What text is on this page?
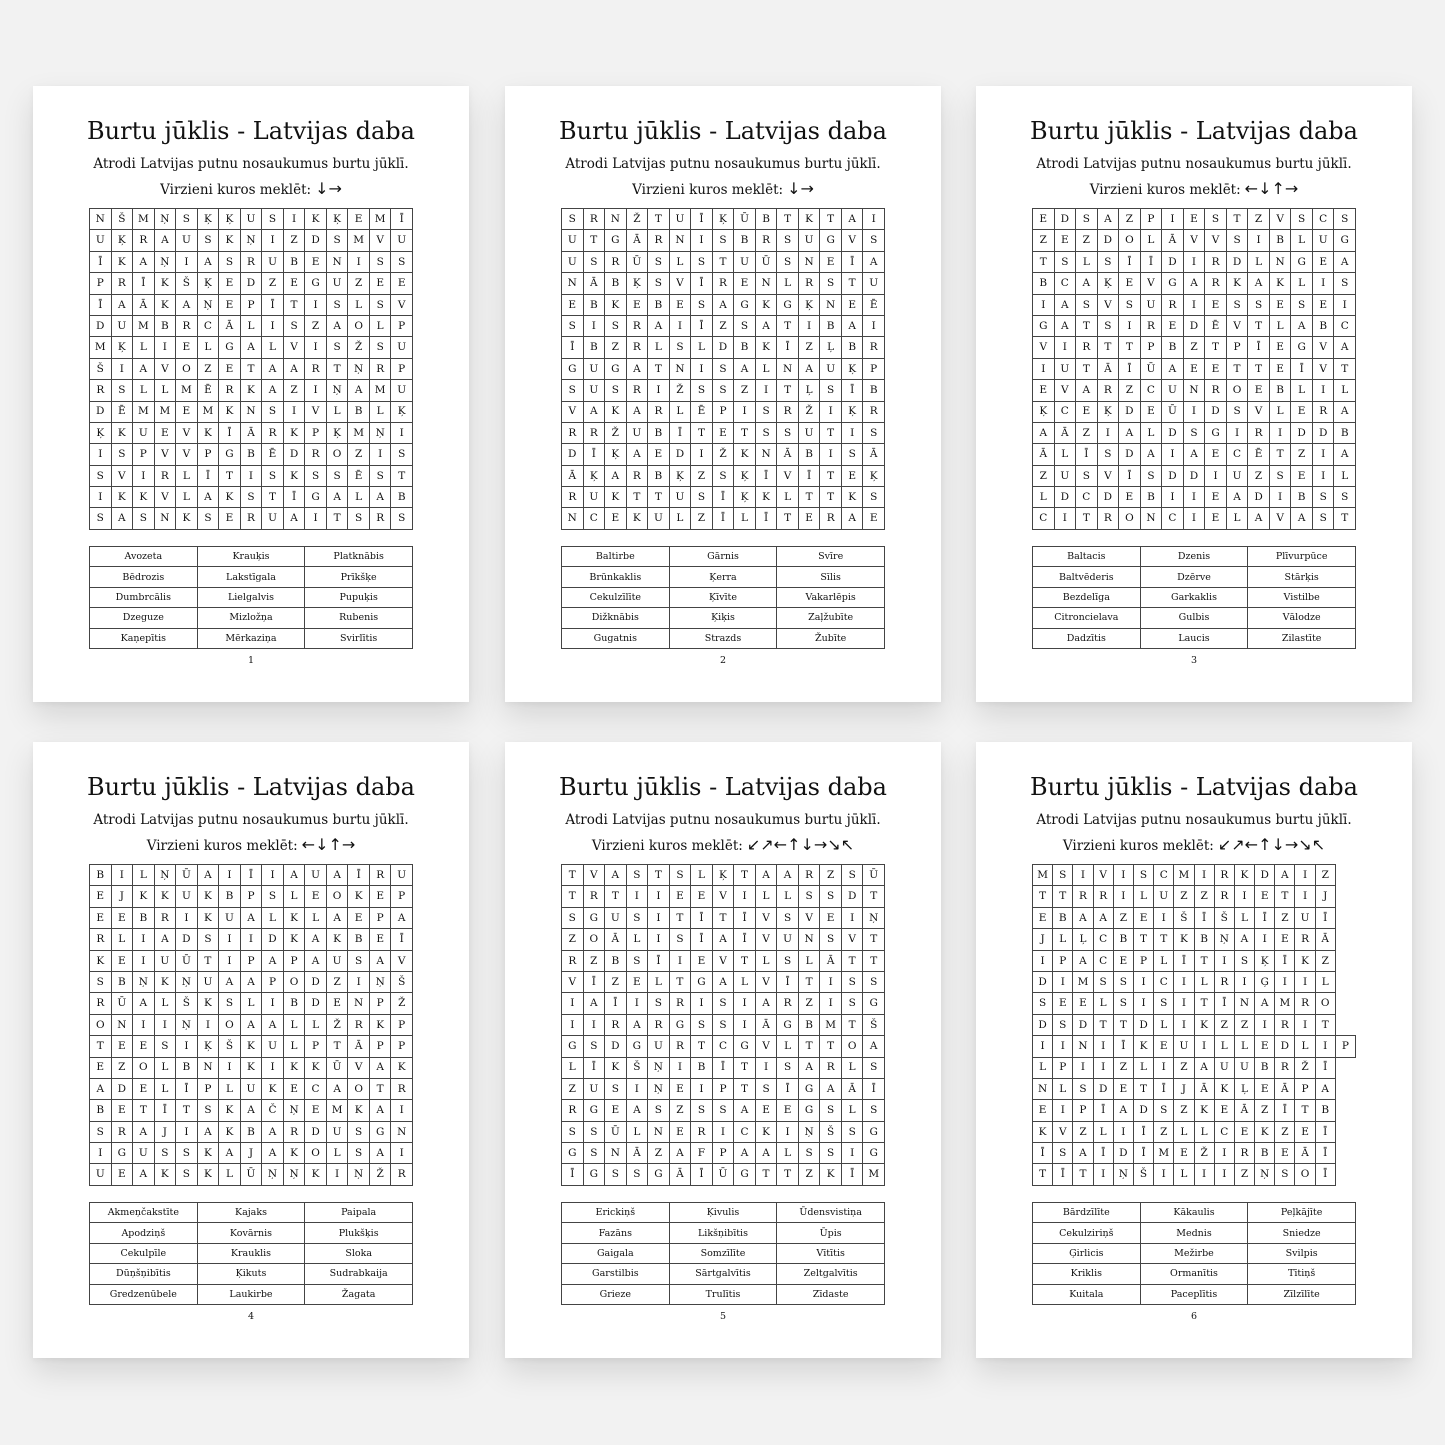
Burtu jūklis - Latvijas daba
Atrodi Latvijas putnu nosaukumus burtu jūklī.
Virzieni kuros meklēt: ↓→
N	Š	M	Ņ	S	Ķ	Ķ	U	S	I	K	Ķ	E	M	Ī
U	Ķ	R	A	U	S	K	Ņ	I	Z	D	S	M	V	U
Ī	K	A	Ņ	I	A	S	R	U	B	E	N	I	S	S
P	R	Ī	K	Š	Ķ	E	D	Z	E	G	U	Z	E	E
Ī	A	Ā	K	A	Ņ	E	P	Ī	T	I	S	L	S	V
D	U	M	B	R	C	Ā	L	I	S	Z	A	O	L	P
M	Ķ	L	I	E	L	G	A	L	V	I	S	Ž	S	U
Š	I	A	V	O	Z	E	T	A	A	R	T	Ņ	R	P
R	S	L	L	M	Ē	R	K	A	Z	I	Ņ	A	M	U
D	Ē	M	M	E	M	K	N	S	I	V	L	B	L	Ķ
Ķ	K	U	E	V	K	Ī	Ā	R	K	P	Ķ	M	Ņ	I
I	S	P	V	V	P	G	B	Ē	D	R	O	Z	I	S
S	V	I	R	L	Ī	T	I	S	K	S	S	Ē	S	T
I	K	K	V	L	A	K	S	T	Ī	G	A	L	A	B
S	A	S	N	K	S	E	R	U	A	I	T	S	R	S
Avozeta	Krauķis	Platknābis
Bēdrozis	Lakstīgala	Prīkšķe
Dumbrcālis	Lielgalvis	Pupuķis
Dzeguze	Mizložņa	Rubenis
Kaņepītis	Mērkaziņa	Svirlītis
1
Burtu jūklis - Latvijas daba
Atrodi Latvijas putnu nosaukumus burtu jūklī.
Virzieni kuros meklēt: ↓→
S	R	N	Ž	T	U	Ī	Ķ	Ū	B	T	K	T	A	I
U	T	G	Ā	R	N	I	S	B	R	S	U	G	V	S
U	S	R	Ū	S	L	S	T	U	Ū	S	N	E	Ī	A
N	Ā	B	Ķ	S	V	Ī	R	E	N	L	R	S	T	U
E	B	K	E	B	E	S	A	G	K	G	Ķ	N	E	Ē
S	I	S	R	A	I	Ī	Z	S	A	T	I	B	A	I
Ī	B	Z	R	L	S	L	D	B	K	Ī	Z	Ļ	B	R
G	U	G	A	T	N	I	S	A	L	N	A	U	Ķ	P
S	U	S	R	I	Ž	S	S	Z	I	T	Ļ	S	Ī	B
V	A	K	A	R	L	Ē	P	I	S	R	Ž	I	Ķ	R
R	R	Ž	U	B	Ī	T	E	T	S	S	U	T	I	S
D	Ī	Ķ	A	E	D	I	Ž	K	N	Ā	B	I	S	Ā
Ā	Ķ	A	R	B	Ķ	Z	S	Ķ	Ī	V	Ī	T	E	Ķ
R	U	K	T	T	U	S	Ī	Ķ	K	L	T	T	K	S
N	C	E	K	U	L	Z	Ī	L	Ī	T	E	R	A	E
Baltirbe	Gārnis	Svīre
Brūnkaklis	Ķerra	Sīlis
Cekulzīlīte	Ķīvīte	Vakarlēpis
Dižknābis	Ķiķis	Zaļžubīte
Gugatnis	Strazds	Žubīte
2
Burtu jūklis - Latvijas daba
Atrodi Latvijas putnu nosaukumus burtu jūklī.
Virzieni kuros meklēt: ←↓↑→
E	D	S	A	Z	P	I	E	S	T	Z	V	S	C	S
Z	E	Z	D	O	L	Ā	V	V	S	I	B	L	U	G
T	S	L	S	Ī	Ī	D	I	R	D	L	N	G	E	A
B	C	A	Ķ	E	V	G	A	R	K	A	K	L	I	S
I	A	S	V	S	U	R	I	E	S	S	E	S	E	I
G	A	T	S	I	R	E	D	Ē	V	T	L	A	B	C
V	I	R	T	T	P	B	Z	T	P	Ī	E	G	V	A
I	U	T	Ā	Ī	Ū	A	E	E	T	T	E	Ī	V	T
E	V	A	R	Z	C	U	N	R	O	E	B	L	I	L
Ķ	C	E	Ķ	D	E	Ū	I	D	S	V	L	E	R	A
A	Ā	Z	I	A	L	D	S	G	I	R	I	D	D	B
Ā	L	Ī	S	D	A	I	A	E	C	Ē	T	Z	I	A
Z	U	S	V	Ī	S	D	D	I	U	Z	S	E	I	L
L	D	C	D	E	B	I	I	E	A	D	I	B	S	S
C	I	T	R	O	N	C	I	E	L	A	V	A	S	T
Baltacis	Dzenis	Plīvurpūce
Baltvēderis	Dzērve	Stārķis
Bezdelīga	Garkaklis	Vistilbe
Citroncielava	Gulbis	Vālodze
Dadzītis	Laucis	Zilastīte
3
Burtu jūklis - Latvijas daba
Atrodi Latvijas putnu nosaukumus burtu jūklī.
Virzieni kuros meklēt: ←↓↑→
B	I	L	Ņ	Ū	A	I	Ī	I	A	U	A	Ī	R	U
E	J	K	K	U	K	B	P	S	L	E	O	K	E	P
E	E	B	R	I	K	U	A	L	K	L	A	E	P	A
R	L	I	A	D	S	I	I	D	K	A	K	B	E	Ī
K	E	I	U	Ū	T	I	P	A	P	A	U	S	A	V
S	B	Ņ	K	Ņ	U	A	A	P	O	D	Z	I	Ņ	Š
R	Ū	A	L	Š	K	S	L	I	B	D	E	N	P	Ž
O	N	I	I	Ņ	I	O	A	A	L	L	Ž	R	K	P
T	E	E	S	I	Ķ	Š	K	U	L	P	T	Ā	P	P
E	Z	O	L	B	N	I	K	I	K	K	Ū	V	A	K
A	D	E	L	Ī	P	L	U	K	E	C	A	O	T	R
B	E	T	Ī	T	S	K	A	Č	Ņ	E	M	K	A	I
S	R	A	J	I	A	K	B	A	R	D	U	S	G	N
I	G	U	S	S	K	A	J	A	K	O	L	S	A	I
U	E	A	K	S	K	L	Ū	Ņ	Ņ	K	I	Ņ	Ž	R
Akmeņčakstīte	Kajaks	Paipala
Apodziņš	Kovārnis	Plukšķis
Cekulpīle	Krauklis	Sloka
Dūņšņibītis	Ķikuts	Sudrabkaija
Gredzenūbele	Laukirbe	Žagata
4
Burtu jūklis - Latvijas daba
Atrodi Latvijas putnu nosaukumus burtu jūklī.
Virzieni kuros meklēt: ↙↗←↑↓→↘↖
T	V	A	S	T	S	L	Ķ	T	A	A	R	Z	S	Ū
T	R	T	I	I	E	E	V	I	L	L	S	S	D	T
S	G	U	S	I	T	Ī	T	Ī	V	S	V	E	I	Ņ
Z	O	Ā	L	I	S	Ī	A	Ī	V	U	N	S	V	T
R	Z	B	S	Ī	I	E	V	T	L	S	L	Ā	T	T
V	Ī	Z	E	L	T	G	A	L	V	Ī	T	I	S	S
I	A	Ī	I	S	R	I	S	I	A	R	Z	I	S	G
I	I	R	A	R	G	S	S	I	Ā	G	B	M	T	Š
G	S	D	G	U	R	T	C	G	V	L	T	T	O	A
L	Ī	K	Š	Ņ	I	B	Ī	T	I	S	A	R	L	S
Z	U	S	I	Ņ	E	I	P	T	S	Ī	G	A	Ā	Ī
R	G	E	A	S	Z	S	S	A	E	E	G	S	L	S
S	S	Ū	L	N	E	R	I	C	K	I	Ņ	Š	S	G
G	S	N	Ā	Z	A	F	P	A	A	L	S	S	I	G
Ī	G	S	S	G	Ā	Ī	Ū	G	T	T	Z	K	Ī	M
Erickiņš	Ķivulis	Ūdensvistiņa
Fazāns	Likšņibītis	Ūpis
Gaigala	Somzīlīte	Vītītis
Garstilbis	Sārtgalvītis	Zeltgalvītis
Grieze	Trulītis	Zīdaste
5
Burtu jūklis - Latvijas daba
Atrodi Latvijas putnu nosaukumus burtu jūklī.
Virzieni kuros meklēt: ↙↗←↑↓→↘↖
M	S	I	V	I	S	C	M	I	R	K	D	A	I	Z	
T	T	R	R	I	L	U	Z	Z	R	I	E	T	I	J	
E	B	A	A	Z	E	I	Š	Ī	Š	L	Ī	Z	U	Ī	
J	L	Ļ	C	B	T	T	K	B	Ņ	A	I	E	R	Ā	
I	P	A	C	E	P	L	Ī	T	I	S	Ķ	Ī	K	Z	
D	I	M	S	S	I	C	I	L	R	I	Ģ	I	I	L	
S	E	E	L	S	I	S	I	T	Ī	N	A	M	R	O	
D	S	D	T	T	D	L	I	K	Z	Z	I	R	I	T	
I	I	N	I	Ī	K	E	U	I	L	L	E	D	L	I	P
L	P	I	I	Z	L	I	Z	A	U	U	B	R	Ž	Ī	
N	L	S	D	E	T	Ī	J	Ā	K	Ļ	E	Ā	P	A	
E	I	P	Ī	A	D	S	Z	K	E	Ā	Z	Ī	T	B	
K	V	Z	L	I	Ī	Z	L	L	C	E	K	Z	E	Ī	
Ī	S	A	Ī	D	Ī	M	E	Ž	I	R	B	E	Ā	Ī	
T	Ī	T	I	Ņ	Š	I	L	I	I	Z	Ņ	S	O	Ī	
Bārdzīlīte	Kākaulis	Peļkājīte
Cekulziriņš	Mednis	Sniedze
Ģirlicis	Mežirbe	Svilpis
Kriklis	Ormanītis	Tītiņš
Kuitala	Paceplītis	Zīlzīlīte
6
